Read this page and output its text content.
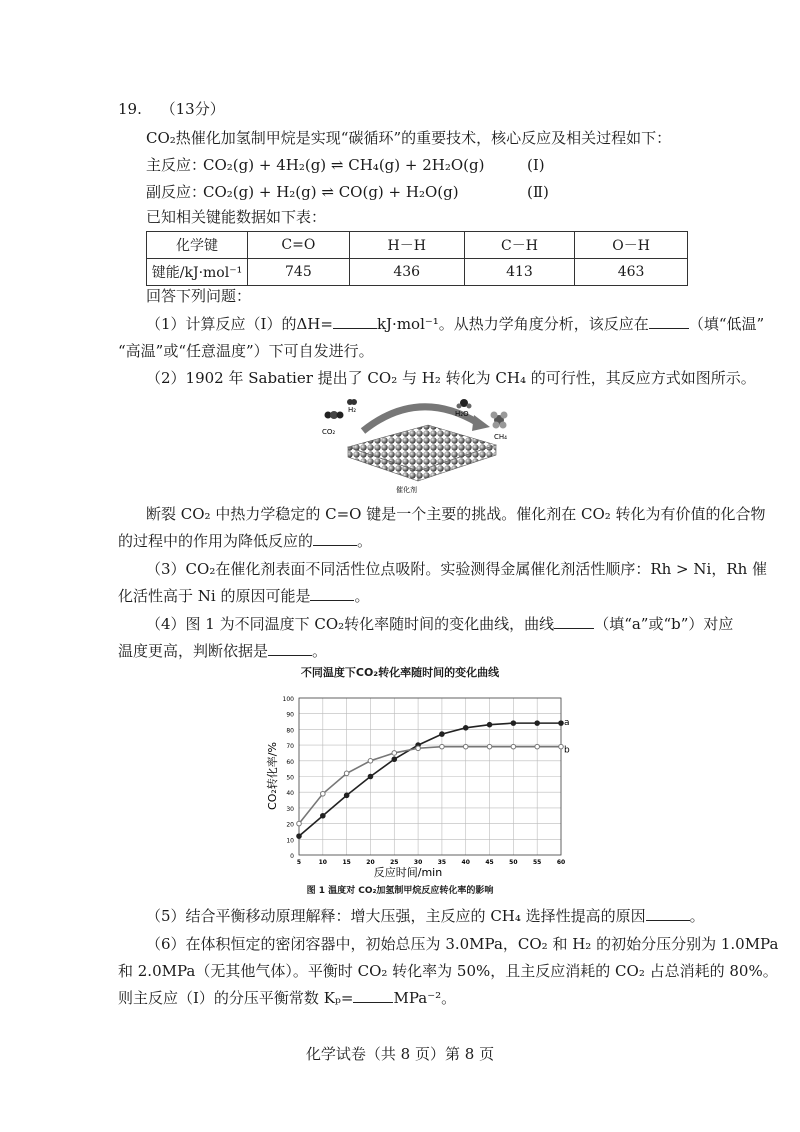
19. （13分）
CO₂热催化加氢制甲烷是实现“碳循环”的重要技术，核心反应及相关过程如下：
主反应：
CO₂(g) + 4H₂(g) ⇌ CH₄(g) + 2H₂O(g)	(Ⅰ)
副反应：
CO₂(g) + H₂(g) ⇌ CO(g) + H₂O(g)	(Ⅱ)
已知相关键能数据如下表：
化学键	C=O	H－H	C－H	O－H
键能/kJ·mol⁻¹	745	436	413	463
回答下列问题：
（1）计算反应（I）的ΔH=	kJ·mol⁻¹。从热力学角度分析，该反应在	（填“低温”
“高温”或“任意温度”）下可自发进行。
（2）1902 年 Sabatier 提出了 CO₂ 与 H₂ 转化为 CH₄ 的可行性，其反应方式如图所示。
CO₂
H₂	H₂O
CH₄
催化剂
断裂 CO₂ 中热力学稳定的 C=O 键是一个主要的挑战。催化剂在 CO₂ 转化为有价值的化合物
的过程中的作用为降低反应的	。
（3）CO₂在催化剂表面不同活性位点吸附。实验测得金属催化剂活性顺序：Rh > Ni，Rh 催
化活性高于 Ni 的原因可能是	。
（4）图 1 为不同温度下 CO₂转化率随时间的变化曲线，曲线	（填“a”或“b”）对应
温度更高，判断依据是	。
不同温度下CO₂转化率随时间的变化曲线
0
10
20
30
40
50
60
70
80
90
100
5	10	15	20	25	30	35	40	45	50	55	60
a
b
反应时间/min
CO₂转化率/%
图 1 温度对 CO₂加氢制甲烷反应转化率的影响
（5）结合平衡移动原理解释：增大压强，主反应的 CH₄ 选择性提高的原因	。
（6）在体积恒定的密闭容器中，初始总压为 3.0MPa，CO₂ 和 H₂ 的初始分压分别为 1.0MPa
和 2.0MPa（无其他气体）。平衡时 CO₂ 转化率为 50%，且主反应消耗的 CO₂ 占总消耗的 80%。
则主反应（I）的分压平衡常数 Kₚ=	MPa⁻²。
化学试卷（共 8 页）第 8 页
